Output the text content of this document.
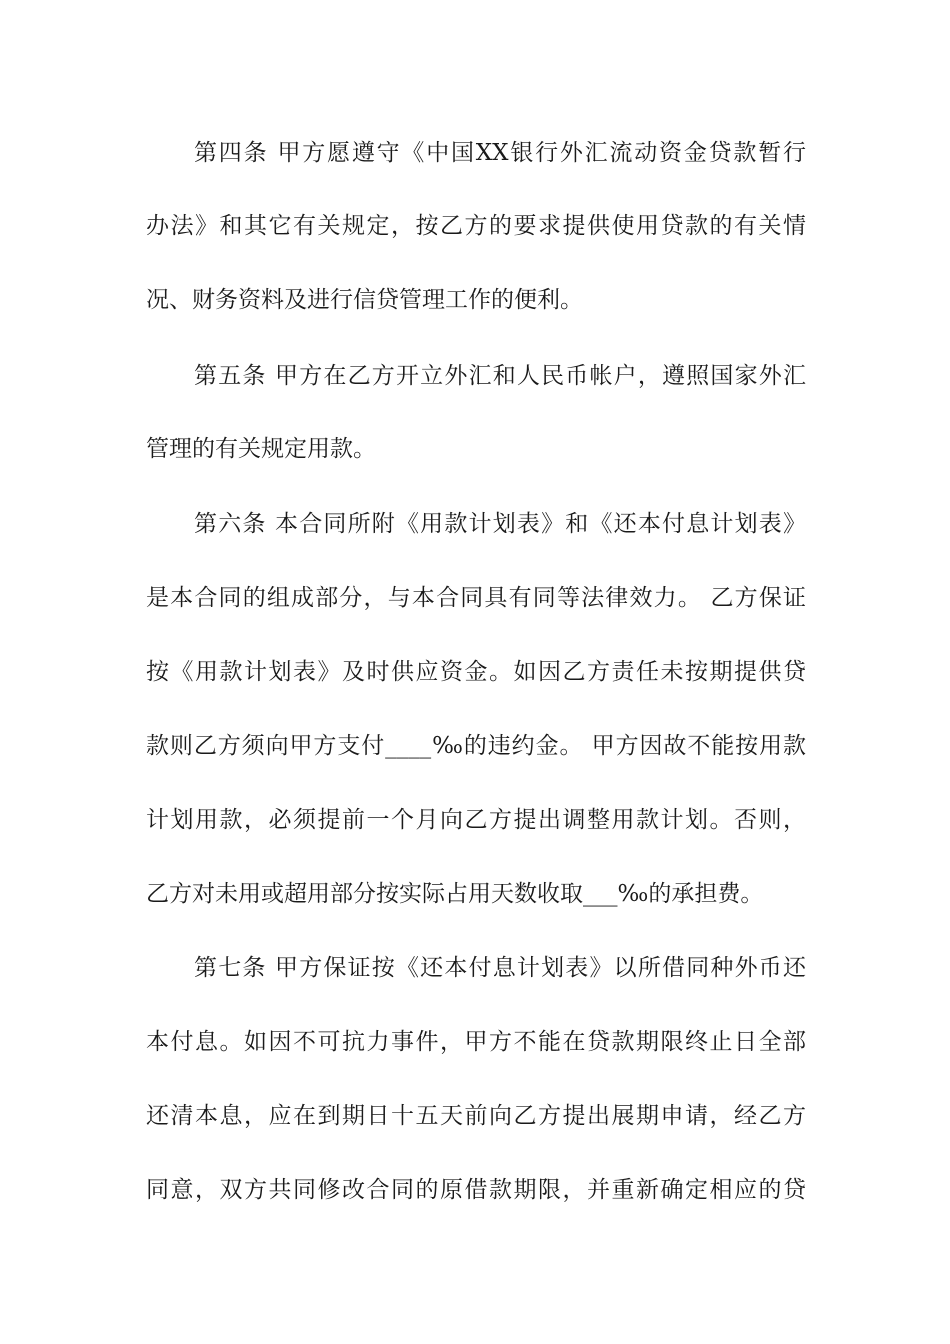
第四条 甲方愿遵守《中国XX银行外汇流动资金贷款暂行
办法》和其它有关规定，按乙方的要求提供使用贷款的有关情
况、财务资料及进行信贷管理工作的便利。
第五条 甲方在乙方开立外汇和人民币帐户，遵照国家外汇
管理的有关规定用款。
第六条 本合同所附《用款计划表》和《还本付息计划表》
是本合同的组成部分，与本合同具有同等法律效力。 乙方保证
按《用款计划表》及时供应资金。如因乙方责任未按期提供贷
款则乙方须向甲方支付____‰的违约金。 甲方因故不能按用款
计划用款，必须提前一个月向乙方提出调整用款计划。否则，
乙方对未用或超用部分按实际占用天数收取___‰的承担费。
第七条 甲方保证按《还本付息计划表》以所借同种外币还
本付息。如因不可抗力事件，甲方不能在贷款期限终止日全部
还清本息，应在到期日十五天前向乙方提出展期申请，经乙方
同意，双方共同修改合同的原借款期限，并重新确定相应的贷
